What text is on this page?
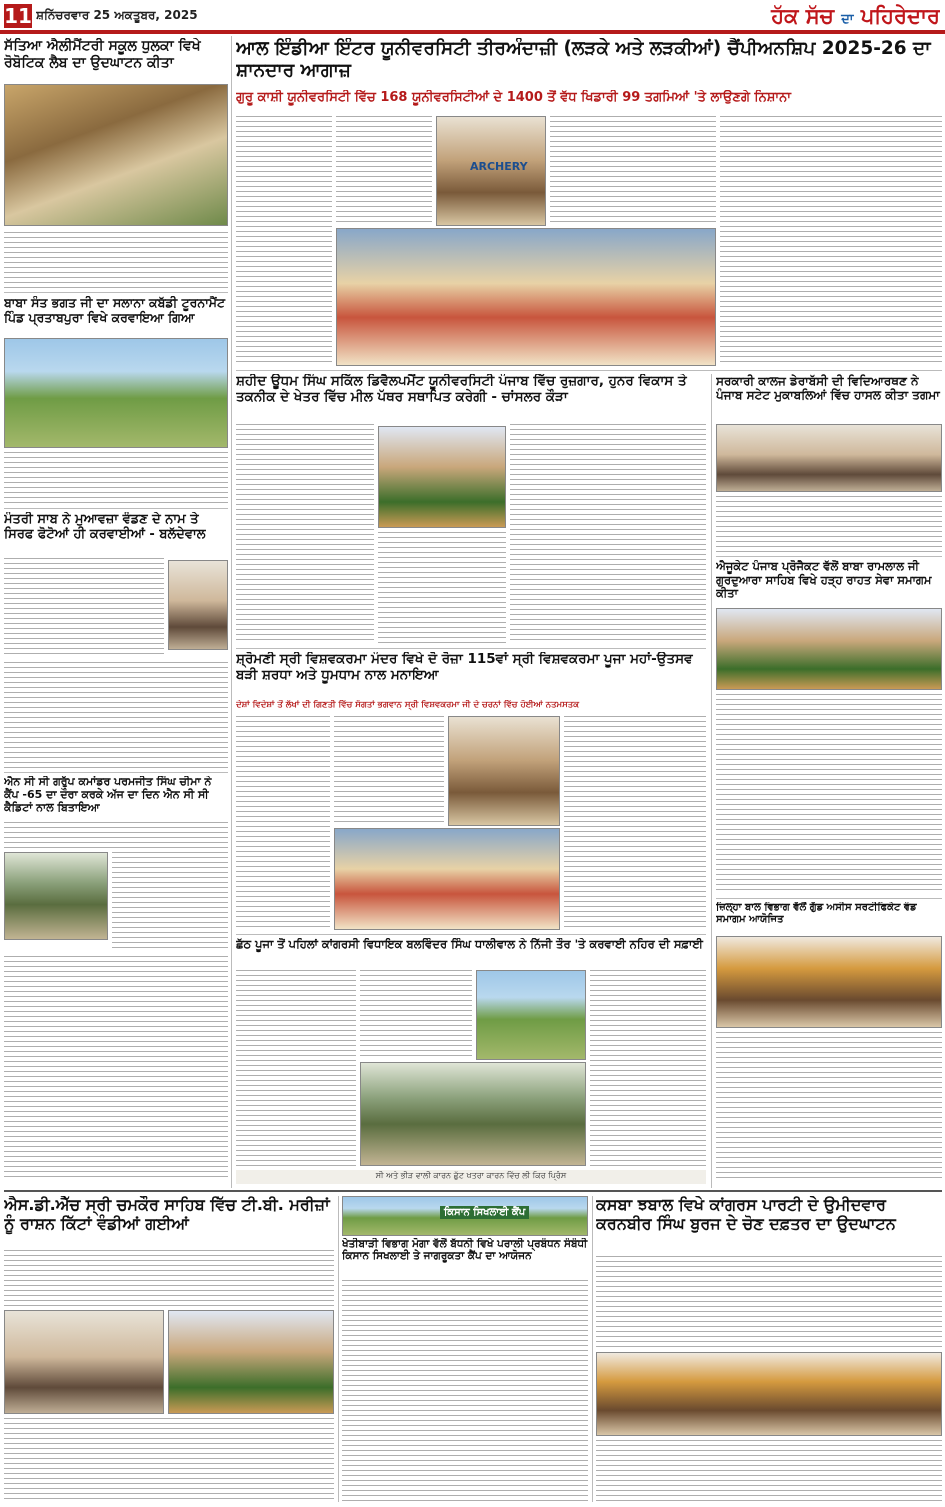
11 ਸ਼ਨਿੱਚਰਵਾਰ 25 ਅਕਤੂਬਰ, 2025	ਹੱਕ ਸੱਚ ਦਾ ਪਹਿਰੇਦਾਰ
ਸੱਤਿਆ ਐਲੀਮੈਂਟਰੀ ਸਕੂਲ ਧੁਲਕਾ ਵਿਖੇ ਰੋਬੋਟਿਕ ਲੈਬ ਦਾ ਉਦਘਾਟਨ ਕੀਤਾ
ਬਾਬਾ ਸੰਤ ਭਗਤ ਜੀ ਦਾ ਸਲਾਨਾ ਕਬੱਡੀ ਟੂਰਨਾਮੈਂਟ ਪਿੰਡ ਪ੍ਰਤਾਬਪੁਰਾ ਵਿਖੇ ਕਰਵਾਇਆ ਗਿਆ
ਮੰਤਰੀ ਸਾਬ ਨੇ ਮੁਆਵਜ਼ਾ ਵੰਡਣ ਦੇ ਨਾਮ ਤੇ ਸਿਰਫ ਫੋਟੋਆਂ ਹੀ ਕਰਵਾਈਆਂ - ਬਲੱਦੇਵਾਲ
ਐਨ ਸੀ ਸੀ ਗਰੁੱਪ ਕਮਾਂਡਰ ਪਰਮਜੀਤ ਸਿੰਘ ਚੀਮਾ ਨੇ ਕੈਂਪ -65 ਦਾ ਦੌਰਾ ਕਰਕੇ ਅੱਜ ਦਾ ਦਿਨ ਐਨ ਸੀ ਸੀ ਕੈਡਿਟਾਂ ਨਾਲ ਬਿਤਾਇਆ
ਆਲ ਇੰਡੀਆ ਇੰਟਰ ਯੂਨੀਵਰਸਿਟੀ ਤੀਰਅੰਦਾਜ਼ੀ (ਲੜਕੇ ਅਤੇ ਲੜਕੀਆਂ) ਚੈਂਪੀਅਨਸ਼ਿਪ 2025-26 ਦਾ ਸ਼ਾਨਦਾਰ ਆਗਾਜ਼
ਗੁਰੂ ਕਾਸ਼ੀ ਯੂਨੀਵਰਸਿਟੀ ਵਿੱਚ 168 ਯੂਨੀਵਰਸਿਟੀਆਂ ਦੇ 1400 ਤੋਂ ਵੱਧ ਖਿਡਾਰੀ 99 ਤਗਮਿਆਂ 'ਤੇ ਲਾਉਣਗੇ ਨਿਸ਼ਾਨਾ
ARCHERY
ਸ਼ਹੀਦ ਊਧਮ ਸਿੰਘ ਸਕਿੱਲ ਡਿਵੈਲਪਮੈਂਟ ਯੂਨੀਵਰਸਿਟੀ ਪੰਜਾਬ ਵਿੱਚ ਰੁਜ਼ਗਾਰ, ਹੁਨਰ ਵਿਕਾਸ ਤੇ ਤਕਨੀਕ ਦੇ ਖੇਤਰ ਵਿੱਚ ਮੀਲ ਪੱਥਰ ਸਥਾਪਿਤ ਕਰੇਗੀ - ਚਾਂਸਲਰ ਕੌੜਾ
ਸਰਕਾਰੀ ਕਾਲਜ ਡੇਰਾਬੱਸੀ ਦੀ ਵਿਦਿਆਰਥਣ ਨੇ ਪੰਜਾਬ ਸਟੇਟ ਮੁਕਾਬਲਿਆਂ ਵਿੱਚ ਹਾਸਲ ਕੀਤਾ ਤਗਮਾ
ਐਜੂਕੇਟ ਪੰਜਾਬ ਪ੍ਰੋਜੈਕਟ ਵੱਲੋਂ ਬਾਬਾ ਰਾਮਲਾਲ ਜੀ ਗੁਰਦੁਆਰਾ ਸਾਹਿਬ ਵਿਖੇ ਹੜ੍ਹ ਰਾਹਤ ਸੇਵਾ ਸਮਾਗਮ ਕੀਤਾ
ਜ਼ਿਲ੍ਹਾ ਬਾਲ ਵਿਭਾਗ ਵੱਲੋਂ ਗੁੱਡ ਅਸੀਸ ਸਰਟੀਫਿਕੇਟ ਵੰਡ ਸਮਾਗਮ ਆਯੋਜਿਤ
ਸ਼੍ਰੋਮਣੀ ਸ੍ਰੀ ਵਿਸ਼ਵਕਰਮਾ ਮੰਦਰ ਵਿਖੇ ਦੋ ਰੋਜ਼ਾ 115ਵਾਂ ਸ੍ਰੀ ਵਿਸ਼ਵਕਰਮਾ ਪੂਜਾ ਮਹਾਂ-ਉਤਸਵ ਬੜੀ ਸ਼ਰਧਾ ਅਤੇ ਧੂਮਧਾਮ ਨਾਲ ਮਨਾਇਆ
ਦੇਸ਼ਾਂ ਵਿਦੇਸ਼ਾਂ ਤੋਂ ਲੱਖਾਂ ਦੀ ਗਿਣਤੀ ਵਿੱਚ ਸੰਗਤਾਂ ਭਗਵਾਨ ਸ੍ਰੀ ਵਿਸ਼ਵਕਰਮਾ ਜੀ ਦੇ ਚਰਨਾਂ ਵਿੱਚ ਹੋਈਆਂ ਨਤਮਸਤਕ
ਛੱਠ ਪੂਜਾ ਤੋਂ ਪਹਿਲਾਂ ਕਾਂਗਰਸੀ ਵਿਧਾਇਕ ਬਲਵਿੰਦਰ ਸਿੰਘ ਧਾਲੀਵਾਲ ਨੇ ਨਿੱਜੀ ਤੌਰ 'ਤੇ ਕਰਵਾਈ ਨਹਿਰ ਦੀ ਸਫ਼ਾਈ
ਸੀ ਅਤੇ ਭੀੜ ਵਾਲੀ ਕਾਰਨ ਛੁੱਟ ਖਤਰਾ ਕਾਰਨ ਵਿੱਚ ਲੀ ਕਿਰ ਪ੍ਰਿੰਸ
ਐਸ.ਡੀ.ਐੱਚ ਸ੍ਰੀ ਚਮਕੌਰ ਸਾਹਿਬ ਵਿੱਚ ਟੀ.ਬੀ. ਮਰੀਜ਼ਾਂ ਨੂੰ ਰਾਸ਼ਨ ਕਿੱਟਾਂ ਵੰਡੀਆਂ ਗਈਆਂ
ਕਿਸਾਨ ਸਿਖਲਾਈ ਕੈਂਪ
ਖੇਤੀਬਾੜੀ ਵਿਭਾਗ ਮੋਗਾ ਵੱਲੋਂ ਬੱਧਨੀ ਵਿਖੇ ਪਰਾਲੀ ਪ੍ਰਬੰਧਨ ਸੰਬੰਧੀ ਕਿਸਾਨ ਸਿਖਲਾਈ ਤੇ ਜਾਗਰੂਕਤਾ ਕੈਂਪ ਦਾ ਆਯੋਜਨ
ਕਸਬਾ ਝਬਾਲ ਵਿਖੇ ਕਾਂਗਰਸ ਪਾਰਟੀ ਦੇ ਉਮੀਦਵਾਰ ਕਰਨਬੀਰ ਸਿੰਘ ਬੁਰਜ ਦੇ ਚੋਣ ਦਫ਼ਤਰ ਦਾ ਉਦਘਾਟਨ
